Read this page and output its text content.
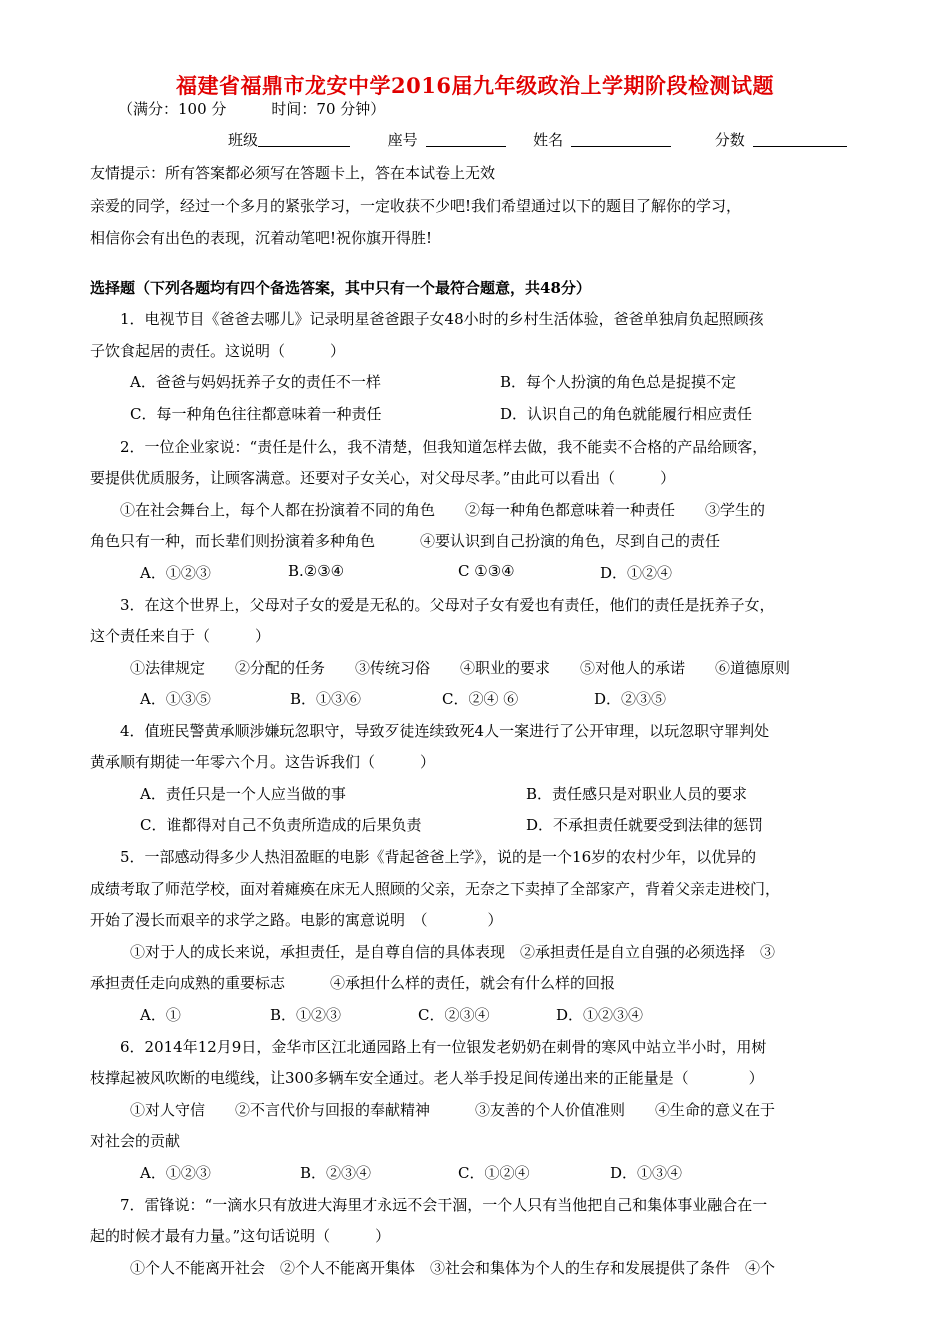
福建省福鼎市龙安中学2016届九年级政治上学期阶段检测试题
（满分：100 分　　　时间：70 分钟）
班级	座号	姓名	分数
友情提示：所有答案都必须写在答题卡上，答在本试卷上无效
亲爱的同学，经过一个多月的紧张学习，一定收获不少吧!我们希望通过以下的题目了解你的学习，
相信你会有出色的表现，沉着动笔吧!祝你旗开得胜!
选择题（下列各题均有四个备选答案，其中只有一个最符合题意，共48分）
1．电视节目《爸爸去哪儿》记录明星爸爸跟子女48小时的乡村生活体验，爸爸单独肩负起照顾孩
子饮食起居的责任。这说明（　　　）
A．爸爸与妈妈抚养子女的责任不一样	B．每个人扮演的角色总是捉摸不定
C．每一种角色往往都意味着一种责任	D．认识自己的角色就能履行相应责任
2．一位企业家说：“责任是什么，我不清楚，但我知道怎样去做，我不能卖不合格的产品给顾客，
要提供优质服务，让顾客满意。还要对子女关心，对父母尽孝。”由此可以看出（　　　）
①在社会舞台上，每个人都在扮演着不同的角色　　②每一种角色都意味着一种责任　　③学生的
角色只有一种，而长辈们则扮演着多种角色　　　④要认识到自己扮演的角色，尽到自己的责任
A．①②③	B.②③④	C ①③④	D．①②④
3．在这个世界上，父母对子女的爱是无私的。父母对子女有爱也有责任，他们的责任是抚养子女，
这个责任来自于（　　　）
①法律规定　　②分配的任务　　③传统习俗　　④职业的要求　　⑤对他人的承诺　　⑥道德原则
A．①③⑤	B．①③⑥	C．②④ ⑥	D．②③⑤
4．值班民警黄承顺涉嫌玩忽职守，导致歹徒连续致死4人一案进行了公开审理，以玩忽职守罪判处
黄承顺有期徒一年零六个月。这告诉我们（　　　）
A．责任只是一个人应当做的事	B．责任感只是对职业人员的要求
C．谁都得对自己不负责所造成的后果负责	D．不承担责任就要受到法律的惩罚
5．一部感动得多少人热泪盈眶的电影《背起爸爸上学》，说的是一个16岁的农村少年，以优异的
成绩考取了师范学校，面对着瘫痪在床无人照顾的父亲，无奈之下卖掉了全部家产，背着父亲走进校门，
开始了漫长而艰辛的求学之路。电影的寓意说明　（　　　　）
①对于人的成长来说，承担责任，是自尊自信的具体表现　②承担责任是自立自强的必须选择　③
承担责任走向成熟的重要标志　　　④承担什么样的责任，就会有什么样的回报
A．①	B．①②③	C．②③④	D．①②③④
6．2014年12月9日，金华市区江北通园路上有一位银发老奶奶在刺骨的寒风中站立半小时，用树
枝撑起被风吹断的电缆线，让300多辆车安全通过。老人举手投足间传递出来的正能量是（　　　　）
①对人守信　　②不言代价与回报的奉献精神　　　③友善的个人价值准则　　④生命的意义在于
对社会的贡献
A．①②③	B．②③④	C．①②④	D．①③④
7．雷锋说：“一滴水只有放进大海里才永远不会干涸，一个人只有当他把自己和集体事业融合在一
起的时候才最有力量。”这句话说明（　　　）
①个人不能离开社会　②个人不能离开集体　③社会和集体为个人的生存和发展提供了条件　④个
